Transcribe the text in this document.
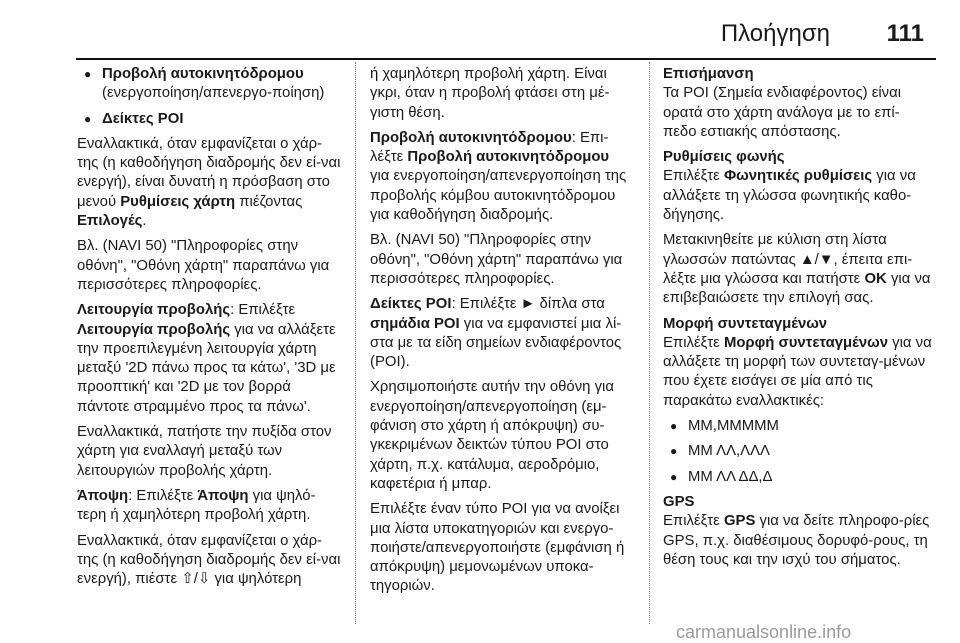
Πλοήγηση 111
● Προβολή αυτοκινητόδρομου
(ενεργοποίηση/απενεργο-ποίηση)
● Δείκτες POI

Εναλλακτικά, όταν εμφανίζεται ο χάρ-της (η καθοδήγηση διαδρομής δεν εί-ναι ενεργή), είναι δυνατή η πρόσβαση στο μενού Ρυθμίσεις χάρτη πιέζοντας Επιλογές.

Βλ. (NAVI 50) "Πληροφορίες στην οθόνη", "Οθόνη χάρτη" παραπάνω για περισσότερες πληροφορίες.

Λειτουργία προβολής: Επιλέξτε Λειτουργία προβολής για να αλλάξετε την προεπιλεγμένη λειτουργία χάρτη μεταξύ '2D πάνω προς τα κάτω', '3D με προοπτική' και '2D με τον βορρά πάντοτε στραμμένο προς τα πάνω'.

Εναλλακτικά, πατήστε την πυξίδα στον χάρτη για εναλλαγή μεταξύ των λειτουργιών προβολής χάρτη.

Άποψη: Επιλέξτε Άποψη για ψηλό-τερη ή χαμηλότερη προβολή χάρτη.

Εναλλακτικά, όταν εμφανίζεται ο χάρ-της (η καθοδήγηση διαδρομής δεν εί-ναι ενεργή), πιέστε ⇧/⇩ για ψηλότερη

ή χαμηλότερη προβολή χάρτη. Είναι γκρι, όταν η προβολή φτάσει στη μέ-γιστη θέση.

Προβολή αυτοκινητόδρομου: Επι-λέξτε Προβολή αυτοκινητόδρομου για ενεργοποίηση/απενεργοποίηση της προβολής κόμβου αυτοκινητόδρομου για καθοδήγηση διαδρομής.

Βλ. (NAVI 50) "Πληροφορίες στην οθόνη", "Οθόνη χάρτη" παραπάνω για περισσότερες πληροφορίες.

Δείκτες POI: Επιλέξτε ► δίπλα στα σημάδια POI για να εμφανιστεί μια λί-στα με τα είδη σημείων ενδιαφέροντος (POI).

Χρησιμοποιήστε αυτήν την οθόνη για ενεργοποίηση/απενεργοποίηση (εμ-φάνιση στο χάρτη ή απόκρυψη) συ-γκεκριμένων δεικτών τύπου POI στο χάρτη, π.χ. κατάλυμα, αεροδρόμιο, καφετέρια ή μπαρ.

Επιλέξτε έναν τύπο POI για να ανοίξει μια λίστα υποκατηγοριών και ενεργο-ποιήστε/απενεργοποιήστε (εμφάνιση ή απόκρυψη) μεμονωμένων υποκα-τηγοριών.

Επισήμανση
Τα POI (Σημεία ενδιαφέροντος) είναι ορατά στο χάρτη ανάλογα με το επί-πεδο εστιακής απόστασης.
Ρυθμίσεις φωνής
Επιλέξτε Φωνητικές ρυθμίσεις για να αλλάξετε τη γλώσσα φωνητικής καθο-δήγησης.

Μετακινηθείτε με κύλιση στη λίστα γλωσσών πατώντας ▲/▼, έπειτα επι-λέξτε μια γλώσσα και πατήστε OK για να επιβεβαιώσετε την επιλογή σας.

Μορφή συντεταγμένων
Επιλέξτε Μορφή συντεταγμένων για να αλλάξετε τη μορφή των συντεταγ-μένων που έχετε εισάγει σε μία από τις παρακάτω εναλλακτικές:
● ΜΜ,ΜΜΜΜΜ
● ΜΜ ΛΛ,ΛΛΛ
● ΜΜ ΛΛ ΔΔ,Δ
GPS
Επιλέξτε GPS για να δείτε πληροφο-ρίες GPS, π.χ. διαθέσιμους δορυφό-ρους, τη θέση τους και την ισχύ του σήματος.
carmanualsonline.info
